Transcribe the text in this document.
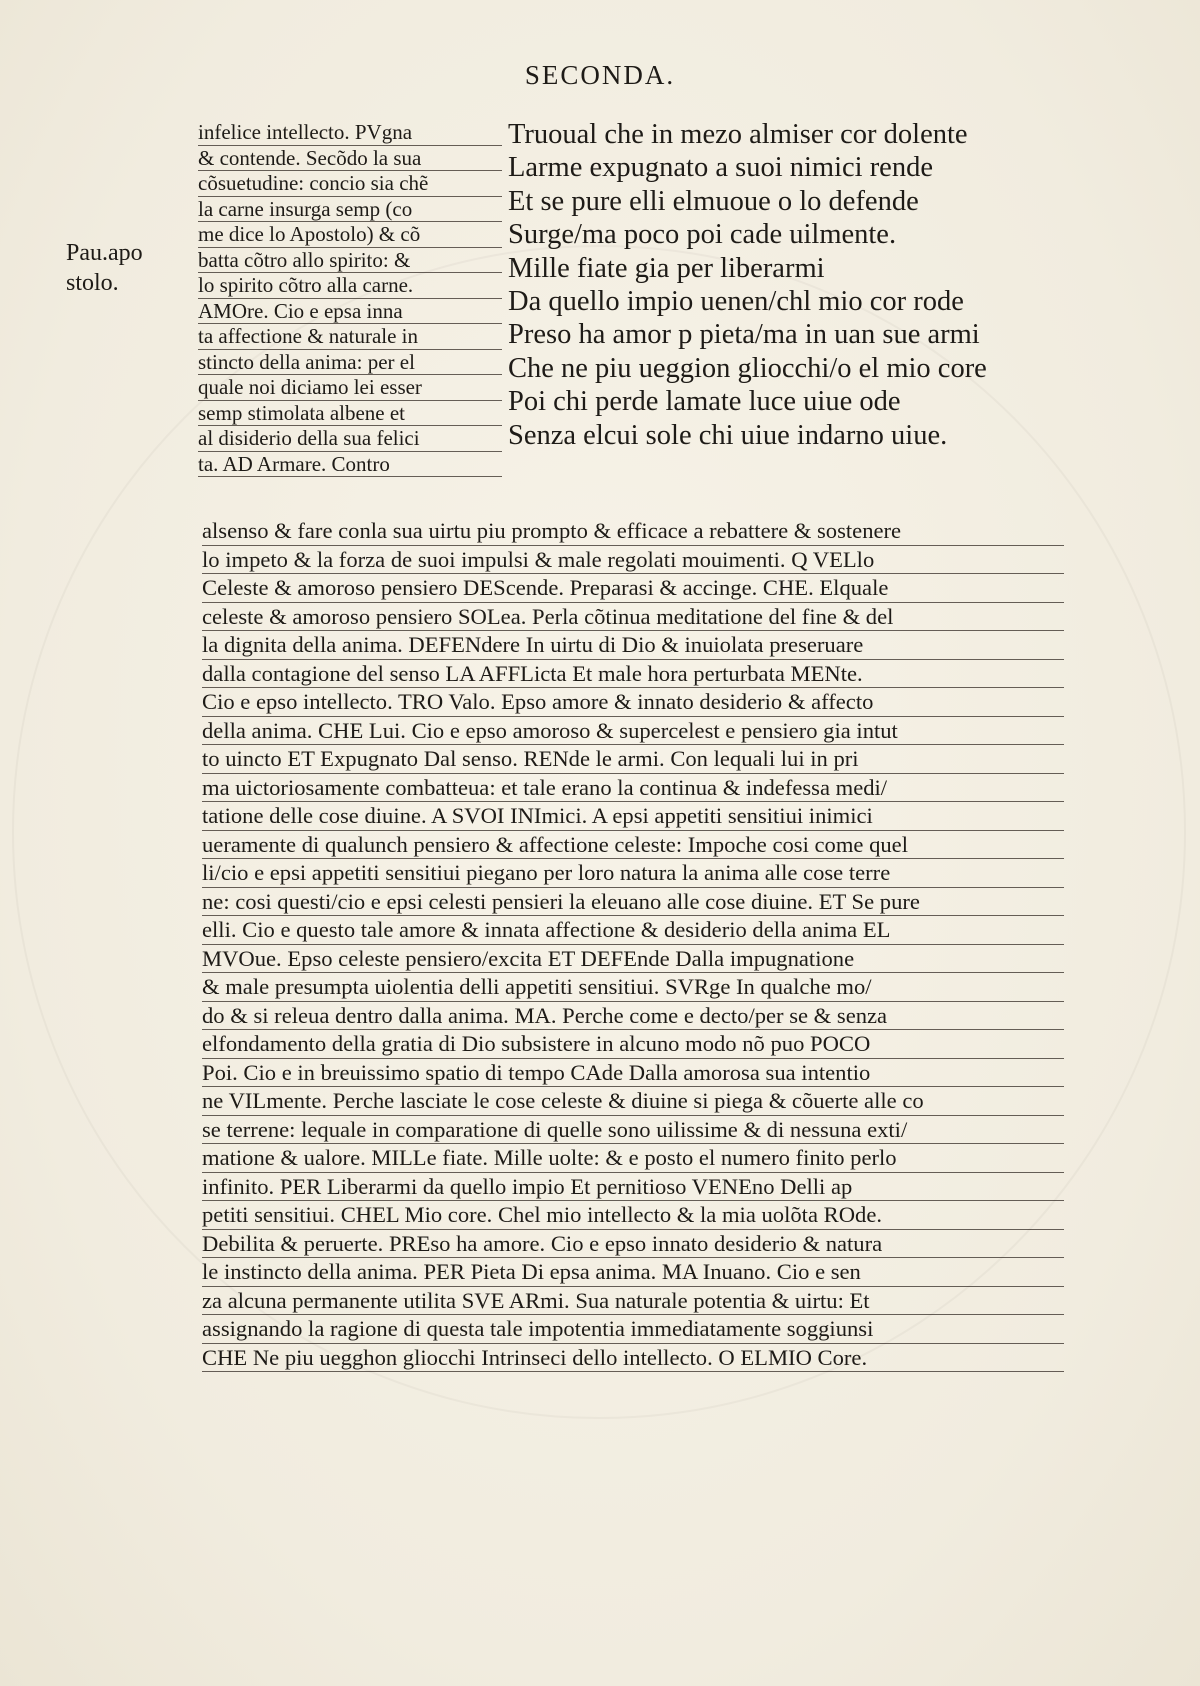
SECONDA.
Pau.apo
stolo.
infelice intellecto. PVgna
& contende. Secõdo la sua
cõsuetudine: concio sia chẽ
la carne insurga semp (co
me dice lo Apostolo) & cõ
batta cõtro allo spirito: &
lo spirito cõtro alla carne.
AMOre. Cio e epsa inna
ta affectione & naturale in
stincto della anima: per el
quale noi diciamo lei esser
semp stimolata albene et
al disiderio della sua felici
ta. AD Armare. Contro
Truoual che in mezo almiser cor dolente
Larme expugnato a suoi nimici rende
Et se pure elli elmuoue o lo defende
Surge/ma poco poi cade uilmente.
Mille fiate gia per liberarmi
Da quello impio uenen/chl mio cor rode
Preso ha amor p pieta/ma in uan sue armi
Che ne piu ueggion gliocchi/o el mio core
Poi chi perde lamate luce uiue ode
Senza elcui sole chi uiue indarno uiue.
alsenso & fare conla sua uirtu piu prompto & efficace a rebattere & sostenere
lo impeto & la forza de suoi impulsi & male regolati mouimenti. Q VELlo
Celeste & amoroso pensiero DEScende. Preparasi & accinge. CHE. Elquale
celeste & amoroso pensiero SOLea. Perla cõtinua meditatione del fine & del
la dignita della anima. DEFENdere In uirtu di Dio & inuiolata preseruare
dalla contagione del senso LA AFFLicta Et male hora perturbata MENte.
Cio e epso intellecto. TRO Valo. Epso amore & innato desiderio & affecto
della anima. CHE Lui. Cio e epso amoroso & supercelest e pensiero gia intut
to uincto ET Expugnato Dal senso. RENde le armi. Con lequali lui in pri
ma uictoriosamente combatteua: et tale erano la continua & indefessa medi/
tatione delle cose diuine. A SVOI INImici. A epsi appetiti sensitiui inimici
ueramente di qualunch pensiero & affectione celeste: Impoche cosi come quel
li/cio e epsi appetiti sensitiui piegano per loro natura la anima alle cose terre
ne: cosi questi/cio e epsi celesti pensieri la eleuano alle cose diuine. ET Se pure
elli. Cio e questo tale amore & innata affectione & desiderio della anima EL
MVOue. Epso celeste pensiero/excita ET DEFEnde Dalla impugnatione
& male presumpta uiolentia delli appetiti sensitiui. SVRge In qualche mo/
do & si releua dentro dalla anima. MA. Perche come e decto/per se & senza
elfondamento della gratia di Dio subsistere in alcuno modo nõ puo POCO
Poi. Cio e in breuissimo spatio di tempo CAde Dalla amorosa sua intentio
ne VILmente. Perche lasciate le cose celeste & diuine si piega & cõuerte alle co
se terrene: lequale in comparatione di quelle sono uilissime & di nessuna exti/
matione & ualore. MILLe fiate. Mille uolte: & e posto el numero finito perlo
infinito. PER Liberarmi da quello impio Et pernitioso VENEno Delli ap
petiti sensitiui. CHEL Mio core. Chel mio intellecto & la mia uolõta ROde.
Debilita & peruerte. PREso ha amore. Cio e epso innato desiderio & natura
le instincto della anima. PER Pieta Di epsa anima. MA Inuano. Cio e sen
za alcuna permanente utilita SVE ARmi. Sua naturale potentia & uirtu: Et
assignando la ragione di questa tale impotentia immediatamente soggiunsi
CHE Ne piu uegghon gliocchi Intrinseci dello intellecto. O ELMIO Core.
